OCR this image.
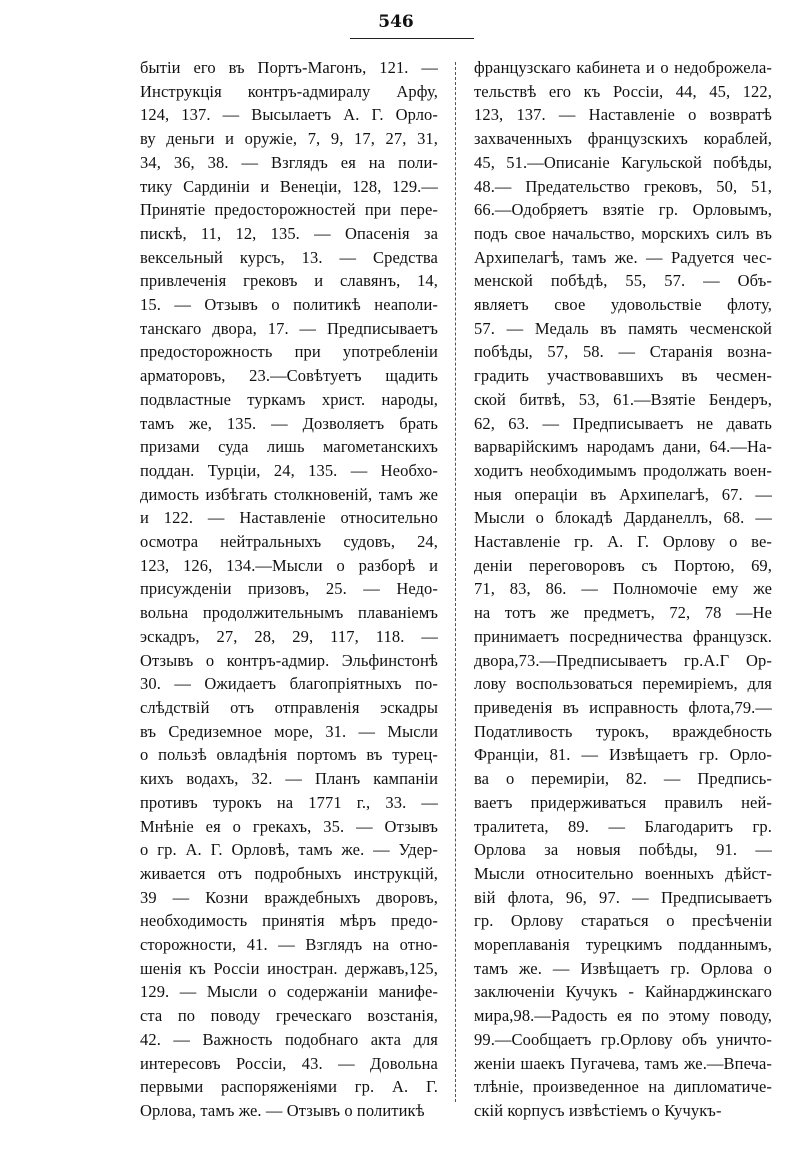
546
бытіи его въ Портъ-Магонъ, 121. —
Инструкція контръ-адмиралу Арфу,
124, 137. — Высылаетъ А. Г. Орло-
ву деньги и оружіе, 7, 9, 17, 27, 31,
34, 36, 38. — Взглядъ ея на поли-
тику Сардиніи и Венеціи, 128, 129.—
Принятіе предосторожностей при пере-
пискѣ, 11, 12, 135. — Опасенія за
вексельный курсъ, 13. — Средства
привлеченія грековъ и славянъ, 14,
15. — Отзывъ о политикѣ неаполи-
танскаго двора, 17. — Предписываетъ
предосторожность при употребленіи
арматоровъ, 23.—Совѣтуетъ щадить
подвластные туркамъ христ. народы,
тамъ же, 135. — Дозволяетъ брать
призами суда лишь магометанскихъ
поддан. Турціи, 24, 135. — Необхо-
димость избѣгать столкновеній, тамъ же
и 122. — Наставленіе относительно
осмотра нейтральныхъ судовъ, 24,
123, 126, 134.—Мысли о разборѣ и
присужденіи призовъ, 25. — Недо-
вольна продолжительнымъ плаваніемъ
эскадръ, 27, 28, 29, 117, 118. —
Отзывъ о контръ-адмир. Эльфинстонѣ
30. — Ожидаетъ благопріятныхъ по-
слѣдствій отъ отправленія эскадры
въ Средиземное море, 31. — Мысли
о пользѣ овладѣнія портомъ въ турец-
кихъ водахъ, 32. — Планъ кампаніи
противъ турокъ на 1771 г., 33. —
Мнѣніе ея о грекахъ, 35. — Отзывъ
о гр. А. Г. Орловѣ, тамъ же. — Удер-
живается отъ подробныхъ инструкцій,
39 — Козни враждебныхъ дворовъ,
необходимость принятія мѣръ предо-
сторожности, 41. — Взглядъ на отно-
шенія къ Россіи иностран. державъ,125,
129. — Мысли о содержаніи манифе-
ста по поводу греческаго возстанія,
42. — Важность подобнаго акта для
интересовъ Россіи, 43. — Довольна
первыми распоряженіями гр. А. Г.
Орлова, тамъ же. — Отзывъ о политикѣ
французскаго кабинета и о недоброжела-
тельствѣ его къ Россіи, 44, 45, 122,
123, 137. — Наставленіе о возвратѣ
захваченныхъ французскихъ кораблей,
45, 51.—Описаніе Кагульской побѣды,
48.— Предательство грековъ, 50, 51,
66.—Одобряетъ взятіе гр. Орловымъ,
подъ свое начальство, морскихъ силъ въ
Архипелагѣ, тамъ же. — Радуется чес-
менской побѣдѣ, 55, 57. — Объ-
являетъ свое удовольствіе флоту,
57. — Медаль въ память чесменской
побѣды, 57, 58. — Старанія возна-
градить участвовавшихъ въ чесмен-
ской битвѣ, 53, 61.—Взятіе Бендеръ,
62, 63. — Предписываетъ не давать
варварійскимъ народамъ дани, 64.—На-
ходитъ необходимымъ продолжать воен-
ныя операціи въ Архипелагѣ, 67. —
Мысли о блокадѣ Дарданеллъ, 68. —
Наставленіе гр. А. Г. Орлову о ве-
деніи переговоровъ съ Портою, 69,
71, 83, 86. — Полномочіе ему же
на тотъ же предметъ, 72, 78 —Не
принимаетъ посредничества французск.
двора,73.—Предписываетъ гр.А.Г Ор-
лову воспользоваться перемиріемъ, для
приведенія въ исправность флота,79.—
Податливость турокъ, враждебность
Франціи, 81. — Извѣщаетъ гр. Орло-
ва о перемиріи, 82. — Предпись-
ваетъ придерживаться правилъ ней-
тралитета, 89. — Благодаритъ гр.
Орлова за новыя побѣды, 91. —
Мысли относительно военныхъ дѣйст-
вій флота, 96, 97. — Предписываетъ
гр. Орлову стараться о пресѣченіи
мореплаванія турецкимъ подданнымъ,
тамъ же. — Извѣщаетъ гр. Орлова о
заключеніи Кучукъ - Кайнарджинскаго
мира,98.—Радость ея по этому поводу,
99.—Сообщаетъ гр.Орлову объ уничто-
женіи шаекъ Пугачева, тамъ же.—Впеча-
тлѣніе, произведенное на дипломатиче-
скій корпусъ извѣстіемъ о Кучукъ-
